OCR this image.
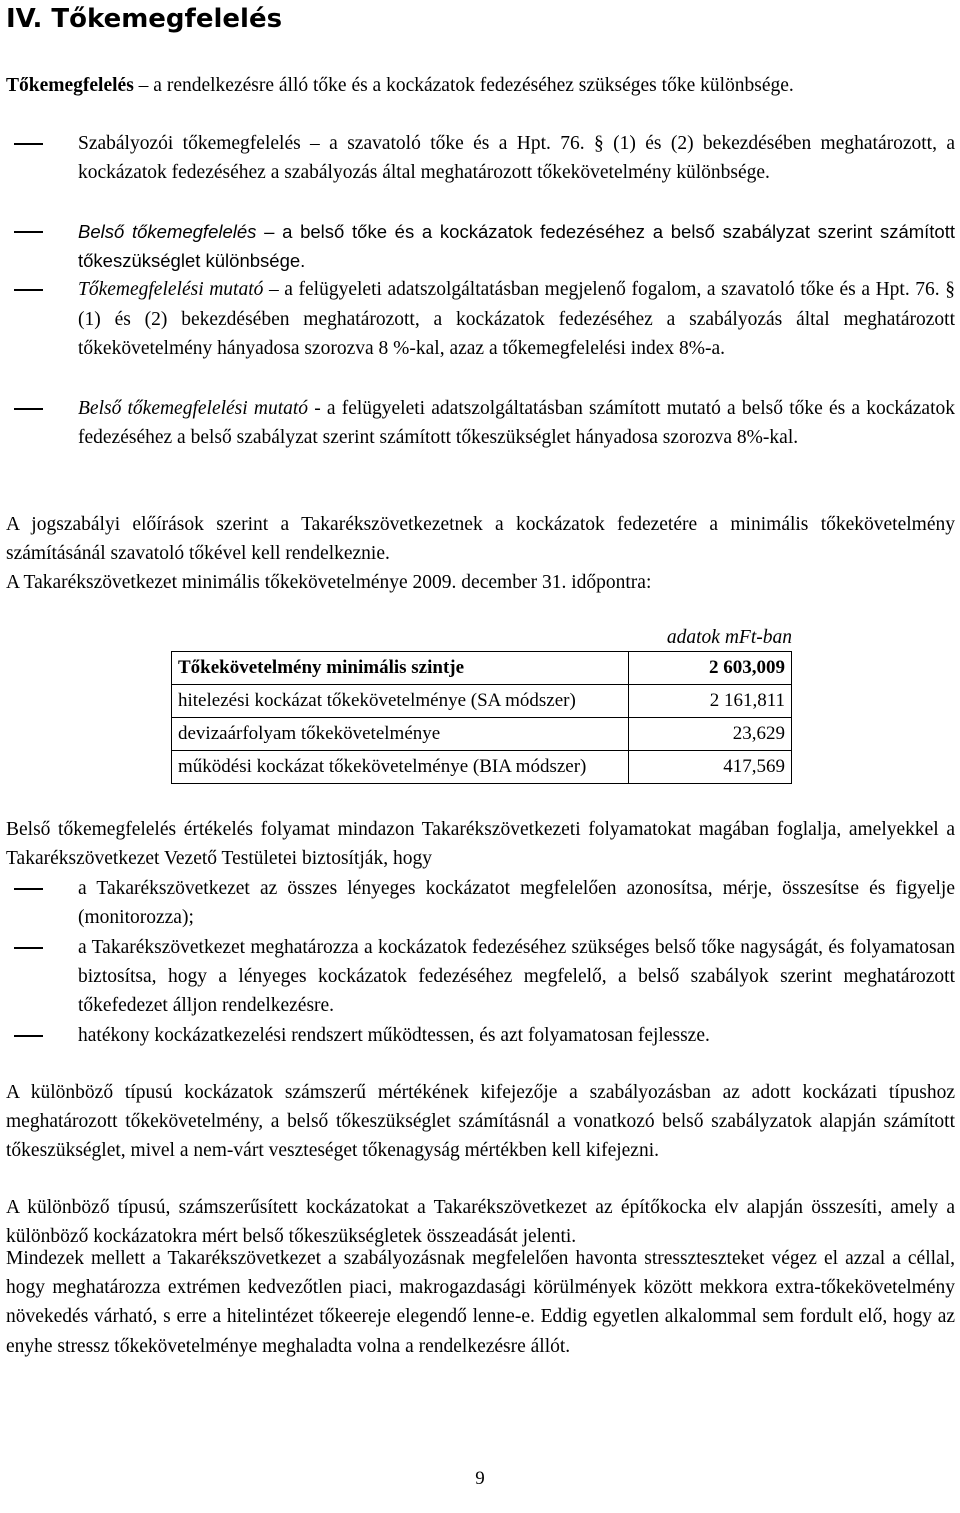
IV. Tőkemegfelelés

Tőkemegfelelés – a rendelkezésre álló tőke és a kockázatok fedezéséhez szükséges tőke különbsége.

Szabályozói tőkemegfelelés – a szavatoló tőke és a Hpt. 76. § (1) és (2) bekezdésében meghatározott, a kockázatok fedezéséhez a szabályozás által meghatározott tőkekövetelmény különbsége.

Belső tőkemegfelelés – a belső tőke és a kockázatok fedezéséhez a belső szabályzat szerint számított tőkeszükséglet különbsége.

Tőkemegfelelési mutató – a felügyeleti adatszolgáltatásban megjelenő fogalom, a szavatoló tőke és a Hpt. 76. § (1) és (2) bekezdésében meghatározott, a kockázatok fedezéséhez a szabályozás által meghatározott tőkekövetelmény hányadosa szorozva 8 %-kal, azaz a tőkemegfelelési index 8%-a.

Belső tőkemegfelelési mutató - a felügyeleti adatszolgáltatásban számított mutató a belső tőke és a kockázatok fedezéséhez a belső szabályzat szerint számított tőkeszükséglet hányadosa szorozva 8%-kal.

A jogszabályi előírások szerint a Takarékszövetkezetnek a kockázatok fedezetére a minimális tőkekövetelmény számításánál szavatoló tőkével kell rendelkeznie.

A Takarékszövetkezet minimális tőkekövetelménye 2009. december 31. időpontra:

adatok mFt-ban

Tőkekövetelmény minimális szintje	2 603,009
hitelezési kockázat tőkekövetelménye (SA módszer)	2 161,811
devizaárfolyam tőkekövetelménye	23,629
működési kockázat tőkekövetelménye (BIA módszer)	417,569

Belső tőkemegfelelés értékelés folyamat mindazon Takarékszövetkezeti folyamatokat magában foglalja, amelyekkel a Takarékszövetkezet Vezető Testületei biztosítják, hogy

a Takarékszövetkezet az összes lényeges kockázatot megfelelően azonosítsa, mérje, összesítse és figyelje (monitorozza);

a Takarékszövetkezet meghatározza a kockázatok fedezéséhez szükséges belső tőke nagyságát, és folyamatosan biztosítsa, hogy a lényeges kockázatok fedezéséhez megfelelő, a belső szabályok szerint meghatározott tőkefedezet álljon rendelkezésre.

hatékony kockázatkezelési rendszert működtessen, és azt folyamatosan fejlessze.

A különböző típusú kockázatok számszerű mértékének kifejezője a szabályozásban az adott kockázati típushoz meghatározott tőkekövetelmény, a belső tőkeszükséglet számításnál a vonatkozó belső szabályzatok alapján számított tőkeszükséglet, mivel a nem-várt veszteséget tőkenagyság mértékben kell kifejezni.

A különböző típusú, számszerűsített kockázatokat a Takarékszövetkezet az építőkocka elv alapján összesíti, amely a különböző kockázatokra mért belső tőkeszükségletek összeadását jelenti.

Mindezek mellett a Takarékszövetkezet a szabályozásnak megfelelően havonta stresszteszteket végez el azzal a céllal, hogy meghatározza extrémen kedvezőtlen piaci, makrogazdasági körülmények között mekkora extra-tőkekövetelmény növekedés várható, s erre a hitelintézet tőkeereje elegendő lenne-e. Eddig egyetlen alkalommal sem fordult elő, hogy az enyhe stressz tőkekövetelménye meghaladta volna a rendelkezésre állót.

9
